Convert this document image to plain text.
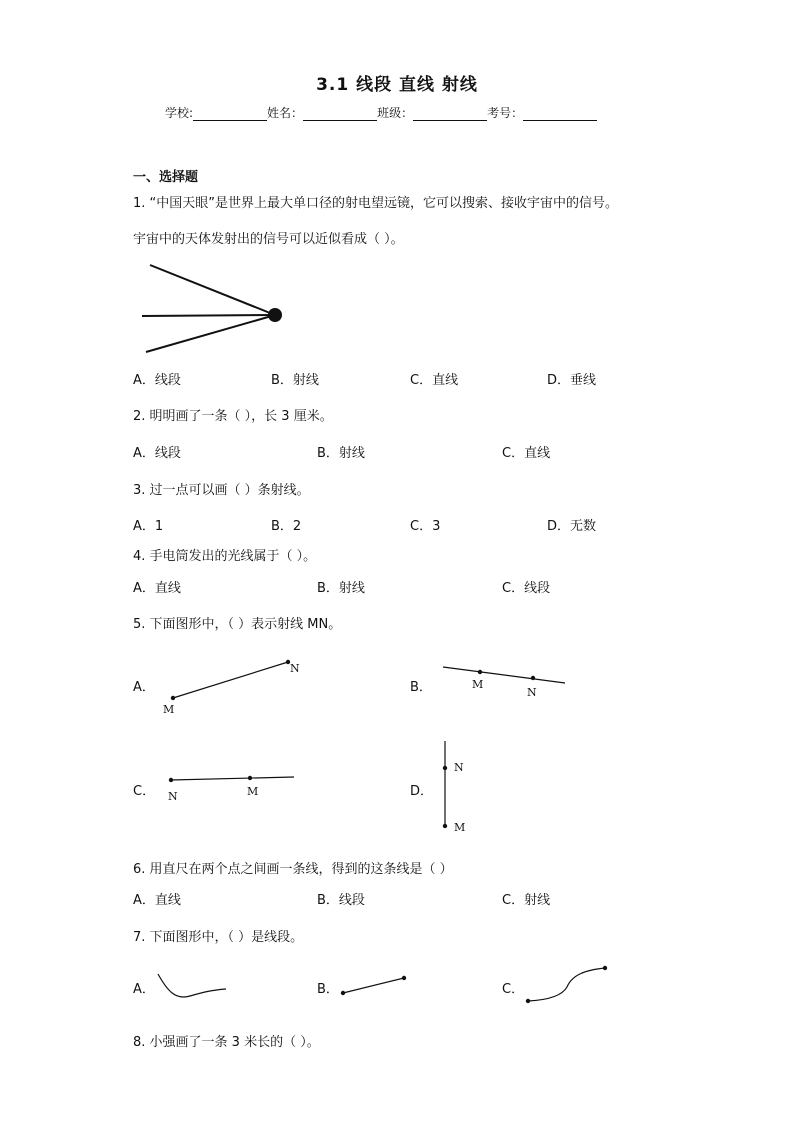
3.1 线段 直线 射线
学校:	姓名：	班级：	考号：
一、选择题
1. “中国天眼”是世界上最大单口径的射电望远镜，它可以搜索、接收宇宙中的信号。
宇宙中的天体发射出的信号可以近似看成（ ）。
A．线段	B．射线	C．直线	D．垂线
2. 明明画了一条（ ），长 3 厘米。
A．线段	B．射线	C．直线
3. 过一点可以画（ ）条射线。
A．1	B．2	C．3	D．无数
4. 手电筒发出的光线属于（ ）。
A．直线	B．射线	C．线段
5. 下面图形中，（ ）表示射线 MN。
A．
M
N
B．	M
N
C． N	M	D．
N
M
6. 用直尺在两个点之间画一条线，得到的这条线是（ ）
A．直线	B．线段	C．射线
7. 下面图形中，（ ）是线段。
A．	B．	C．
8. 小强画了一条 3 米长的（ ）。
